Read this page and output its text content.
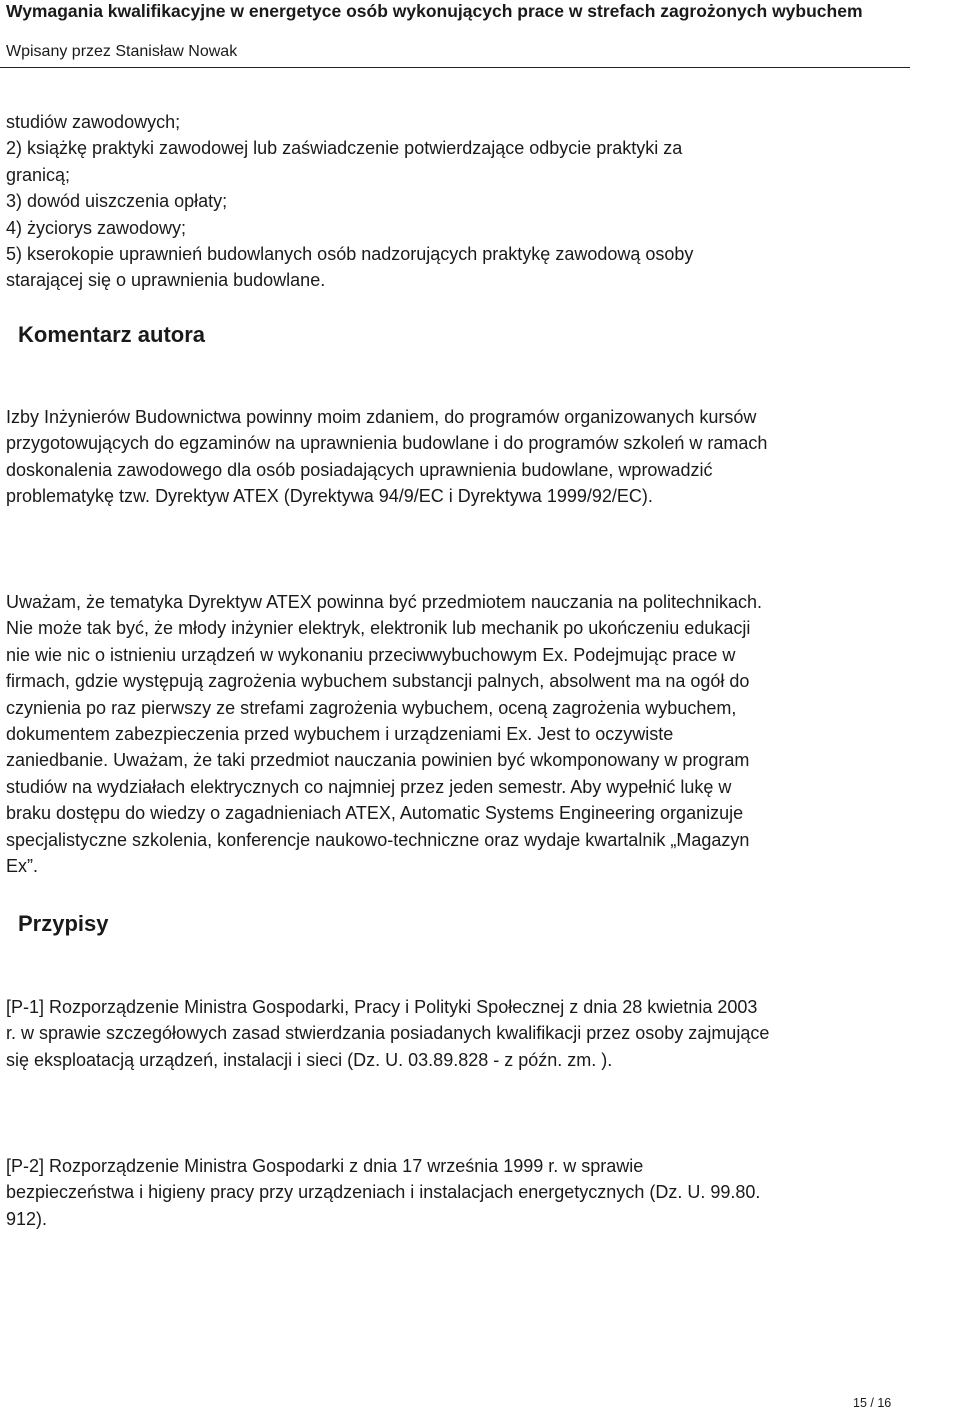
Wymagania kwalifikacyjne w energetyce osób wykonujących prace w strefach zagrożonych wybuchem
Wpisany przez Stanisław Nowak
studiów zawodowych;
2) książkę praktyki zawodowej lub zaświadczenie potwierdzające odbycie praktyki za
granicą;
3) dowód uiszczenia opłaty;
4) życiorys zawodowy;
5) kserokopie uprawnień budowlanych osób nadzorujących praktykę zawodową osoby
starającej się o uprawnienia budowlane.
Komentarz autora
Izby Inżynierów Budownictwa powinny moim zdaniem, do programów organizowanych kursów
przygotowujących do egzaminów na uprawnienia budowlane i do programów szkoleń w ramach
doskonalenia zawodowego dla osób posiadających uprawnienia budowlane, wprowadzić
problematykę tzw. Dyrektyw ATEX (Dyrektywa 94/9/EC i Dyrektywa 1999/92/EC).
Uważam, że tematyka Dyrektyw ATEX powinna być przedmiotem nauczania na politechnikach.
Nie może tak być, że młody inżynier elektryk, elektronik lub mechanik po ukończeniu edukacji
nie wie nic o istnieniu urządzeń w wykonaniu przeciwwybuchowym Ex. Podejmując prace w
firmach, gdzie występują zagrożenia wybuchem substancji palnych, absolwent ma na ogół do
czynienia po raz pierwszy ze strefami zagrożenia wybuchem, oceną zagrożenia wybuchem,
dokumentem zabezpieczenia przed wybuchem i urządzeniami Ex. Jest to oczywiste
zaniedbanie. Uważam, że taki przedmiot nauczania powinien być wkomponowany w program
studiów na wydziałach elektrycznych co najmniej przez jeden semestr. Aby wypełnić lukę w
braku dostępu do wiedzy o zagadnieniach ATEX, Automatic Systems Engineering organizuje
specjalistyczne szkolenia, konferencje naukowo-techniczne oraz wydaje kwartalnik „Magazyn
Ex”.
Przypisy
[P-1] Rozporządzenie Ministra Gospodarki, Pracy i Polityki Społecznej z dnia 28 kwietnia 2003
r. w sprawie szczegółowych zasad stwierdzania posiadanych kwalifikacji przez osoby zajmujące
się eksploatacją urządzeń, instalacji i sieci (Dz. U. 03.89.828 - z późn. zm. ).
[P-2] Rozporządzenie Ministra Gospodarki z dnia 17 września 1999 r. w sprawie
bezpieczeństwa i higieny pracy przy urządzeniach i instalacjach energetycznych (Dz. U. 99.80.
912).
15 / 16
